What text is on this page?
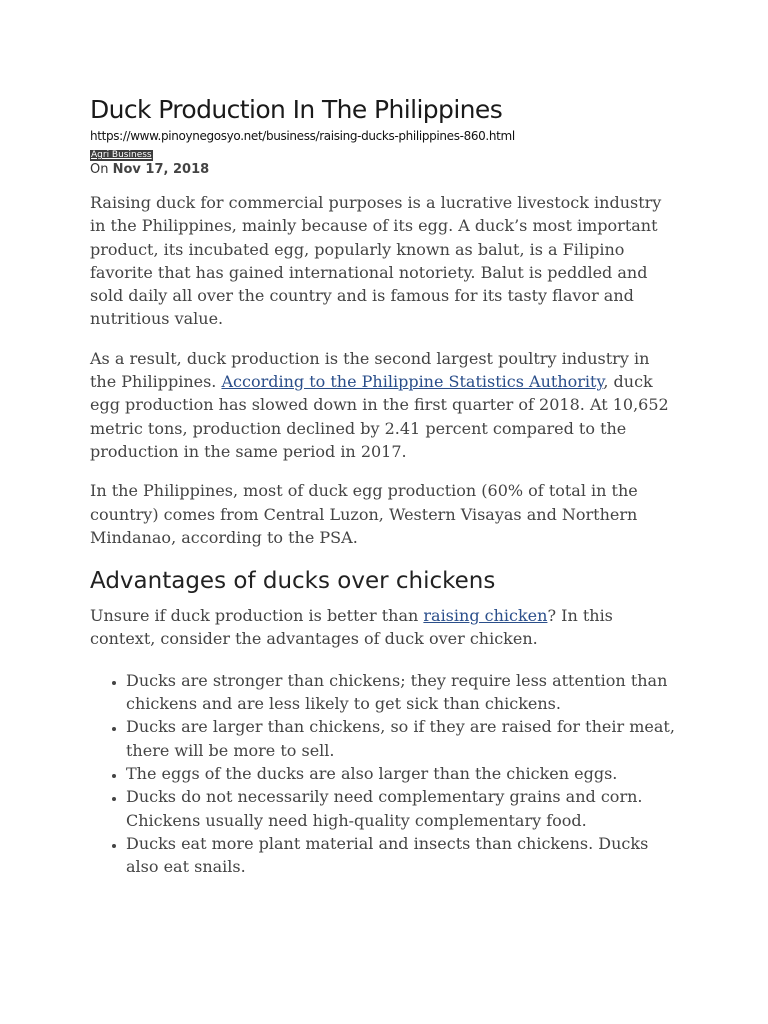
Duck Production In The Philippines
https://www.pinoynegosyo.net/business/raising-ducks-philippines-860.html
Agri Business
On Nov 17, 2018

Raising duck for commercial purposes is a lucrative livestock industry in the Philippines, mainly because of its egg. A duck’s most important product, its incubated egg, popularly known as balut, is a Filipino favorite that has gained international notoriety. Balut is peddled and sold daily all over the country and is famous for its tasty flavor and nutritious value.

As a result, duck production is the second largest poultry industry in the Philippines. According to the Philippine Statistics Authority, duck egg production has slowed down in the first quarter of 2018. At 10,652 metric tons, production declined by 2.41 percent compared to the production in the same period in 2017.

In the Philippines, most of duck egg production (60% of total in the country) comes from Central Luzon, Western Visayas and Northern Mindanao, according to the PSA.

Advantages of ducks over chickens

Unsure if duck production is better than raising chicken? In this context, consider the advantages of duck over chicken.

• Ducks are stronger than chickens; they require less attention than chickens and are less likely to get sick than chickens.
• Ducks are larger than chickens, so if they are raised for their meat, there will be more to sell.
• The eggs of the ducks are also larger than the chicken eggs.
• Ducks do not necessarily need complementary grains and corn. Chickens usually need high-quality complementary food.
• Ducks eat more plant material and insects than chickens. Ducks also eat snails.
